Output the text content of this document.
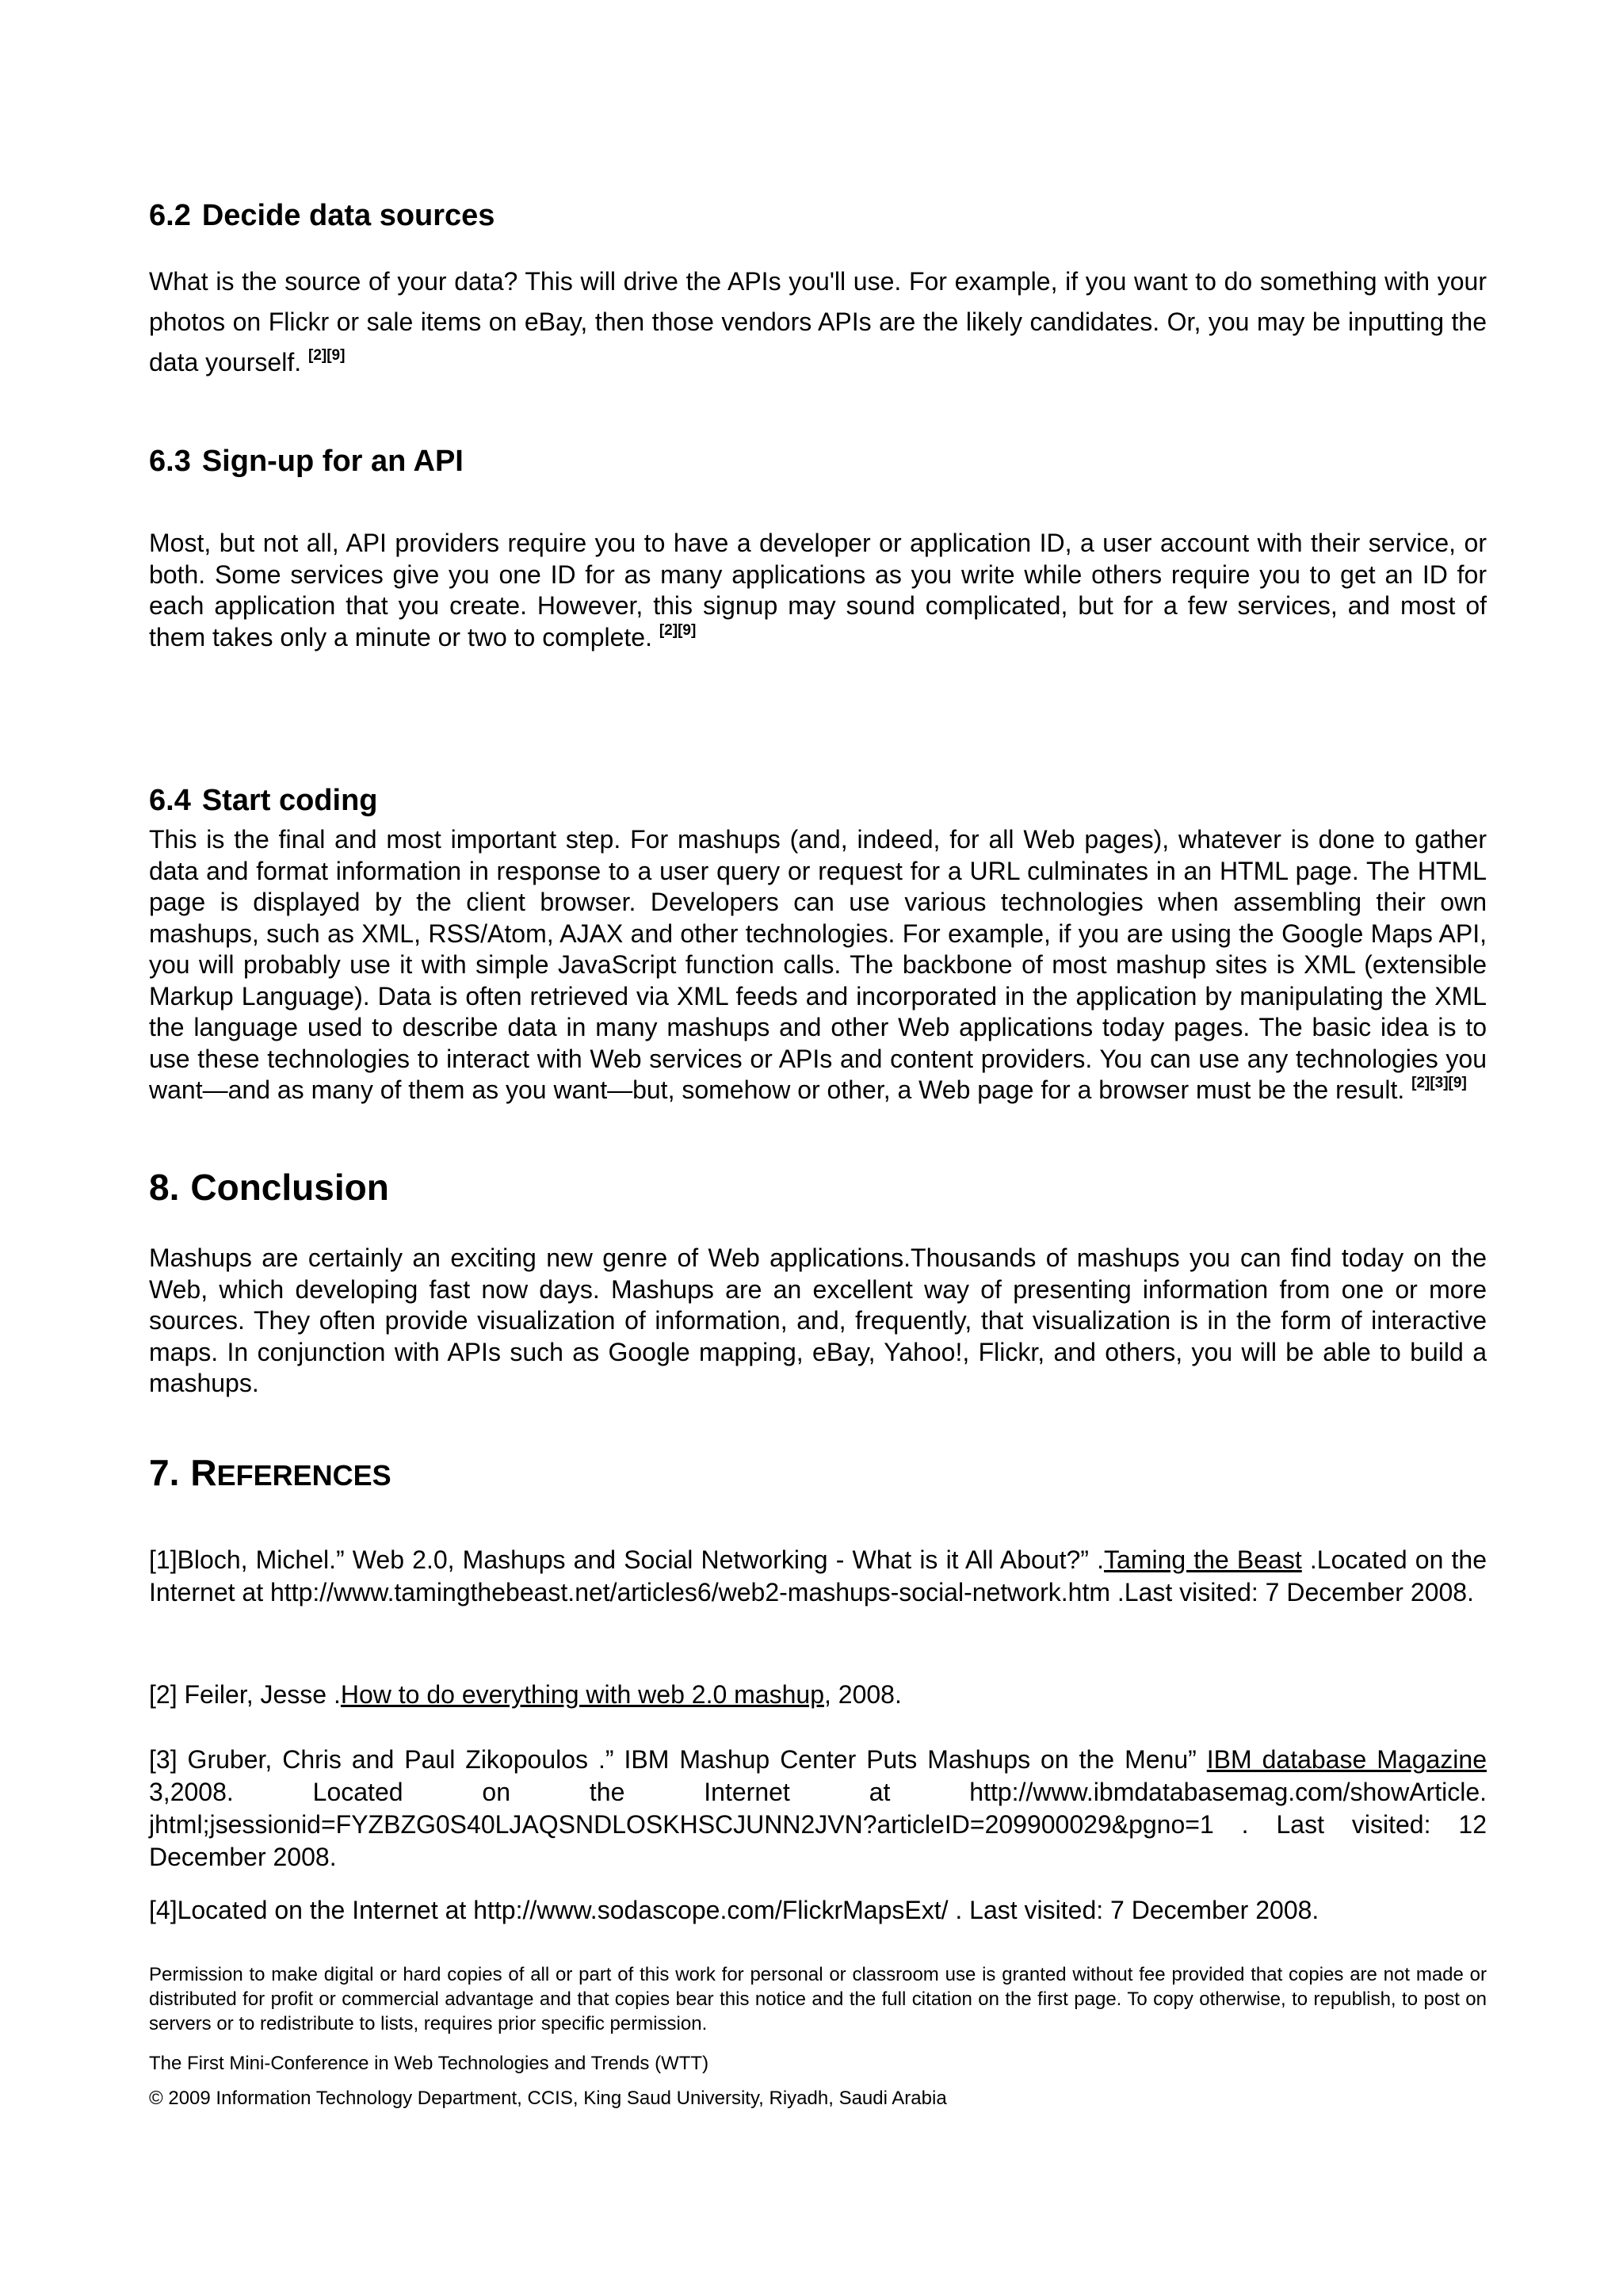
6.2 Decide data sources

What is the source of your data? This will drive the APIs you'll use. For example, if you want to do something with your photos on Flickr or sale items on eBay, then those vendors APIs are the likely candidates. Or, you may be inputting the data yourself. [2][9]

6.3 Sign-up for an API

Most, but not all, API providers require you to have a developer or application ID, a user account with their service, or both. Some services give you one ID for as many applications as you write while others require you to get an ID for each application that you create. However, this signup may sound complicated, but for a few services, and most of them takes only a minute or two to complete. [2][9]

6.4 Start coding

This is the final and most important step. For mashups (and, indeed, for all Web pages), whatever is done to gather data and format information in response to a user query or request for a URL culminates in an HTML page. The HTML page is displayed by the client browser. Developers can use various technologies when assembling their own mashups, such as XML, RSS/Atom, AJAX and other technologies. For example, if you are using the Google Maps API, you will probably use it with simple JavaScript function calls. The backbone of most mashup sites is XML (extensible Markup Language). Data is often retrieved via XML feeds and incorporated in the application by manipulating the XML the language used to describe data in many mashups and other Web applications today pages. The basic idea is to use these technologies to interact with Web services or APIs and content providers. You can use any technologies you want—and as many of them as you want—but, somehow or other, a Web page for a browser must be the result. [2][3][9]

8. Conclusion

Mashups are certainly an exciting new genre of Web applications.Thousands of mashups you can find today on the Web, which developing fast now days. Mashups are an excellent way of presenting information from one or more sources. They often provide visualization of information, and, frequently, that visualization is in the form of interactive maps. In conjunction with APIs such as Google mapping, eBay, Yahoo!, Flickr, and others, you will be able to build a mashups.

7. REFERENCES

[1]Bloch, Michel.” Web 2.0, Mashups and Social Networking - What is it All About?” .Taming the Beast .Located on the Internet at http://www.tamingthebeast.net/articles6/web2-mashups-social-network.htm .Last visited: 7 December 2008.

[2] Feiler, Jesse .How to do everything with web 2.0 mashup, 2008.

[3] Gruber, Chris and Paul Zikopoulos .” IBM Mashup Center Puts Mashups on the Menu” IBM database Magazine 3,2008. Located on the Internet at http://www.ibmdatabasemag.com/showArticle. jhtml;jsessionid=FYZBZG0S40LJAQSNDLOSKHSCJUNN2JVN?articleID=209900029&pgno=1 . Last visited: 12 December 2008.

[4]Located on the Internet at http://www.sodascope.com/FlickrMapsExt/ . Last visited: 7 December 2008.

Permission to make digital or hard copies of all or part of this work for personal or classroom use is granted without fee provided that copies are not made or distributed for profit or commercial advantage and that copies bear this notice and the full citation on the first page. To copy otherwise, to republish, to post on servers or to redistribute to lists, requires prior specific permission.

The First Mini-Conference in Web Technologies and Trends (WTT)
© 2009 Information Technology Department, CCIS, King Saud University, Riyadh, Saudi Arabia
